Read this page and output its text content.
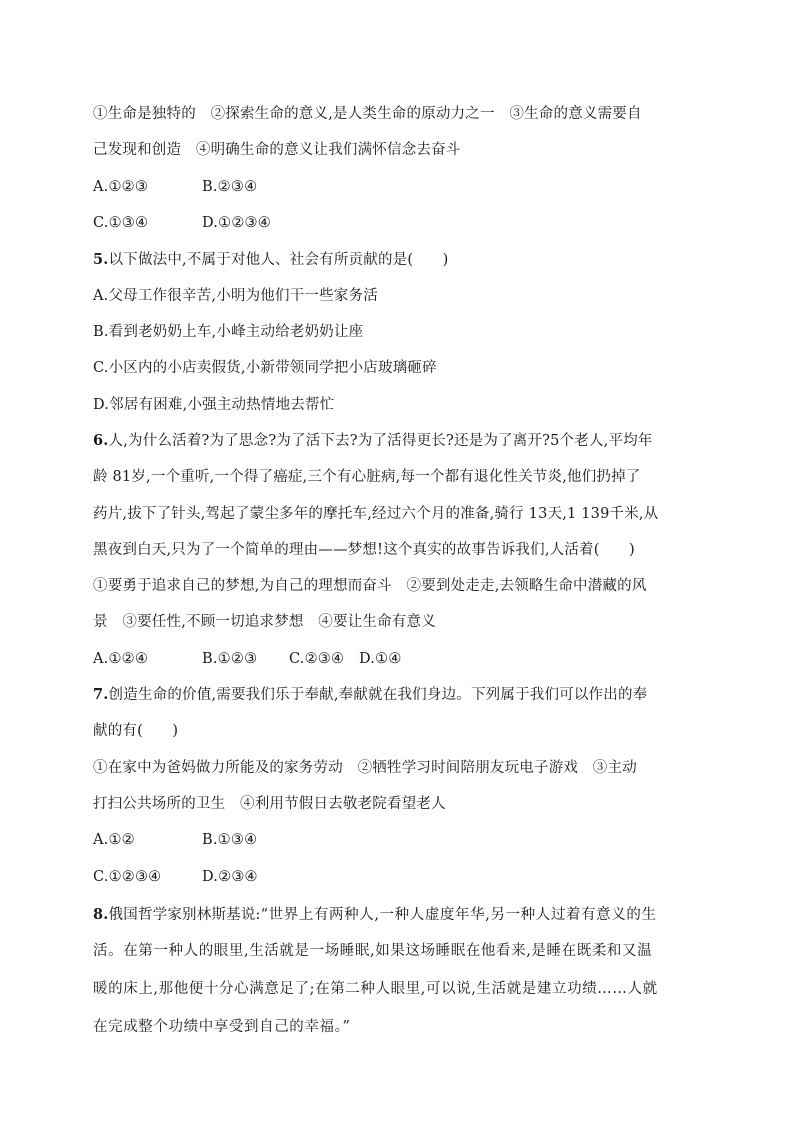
①生命是独特的　②探索生命的意义,是人类生命的原动力之一　③生命的意义需要自
己发现和创造　④明确生命的意义让我们满怀信念去奋斗
A.①②③	B.②③④
C.①③④	D.①②③④
5.以下做法中,不属于对他人、社会有所贡献的是(　　)
A.父母工作很辛苦,小明为他们干一些家务活
B.看到老奶奶上车,小峰主动给老奶奶让座
C.小区内的小店卖假货,小新带领同学把小店玻璃砸碎
D.邻居有困难,小强主动热情地去帮忙
6.人,为什么活着?为了思念?为了活下去?为了活得更长?还是为了离开?5个老人,平均年
龄 81岁,一个重听,一个得了癌症,三个有心脏病,每一个都有退化性关节炎,他们扔掉了
药片,拔下了针头,驾起了蒙尘多年的摩托车,经过六个月的准备,骑行 13天,1 139千米,从
黑夜到白天,只为了一个简单的理由——梦想!这个真实的故事告诉我们,人活着(　　)
①要勇于追求自己的梦想,为自己的理想而奋斗　②要到处走走,去领略生命中潜藏的风
景　③要任性,不顾一切追求梦想　④要让生命有意义
A.①②④	B.①②③ C.②③④ D.①④
7.创造生命的价值,需要我们乐于奉献,奉献就在我们身边。下列属于我们可以作出的奉
献的有(　　)
①在家中为爸妈做力所能及的家务劳动　②牺牲学习时间陪朋友玩电子游戏　③主动
打扫公共场所的卫生　④利用节假日去敬老院看望老人
A.①②	B.①③④
C.①②③④	D.②③④
8.俄国哲学家别林斯基说:“世界上有两种人,一种人虚度年华,另一种人过着有意义的生
活。在第一种人的眼里,生活就是一场睡眠,如果这场睡眠在他看来,是睡在既柔和又温
暖的床上,那他便十分心满意足了;在第二种人眼里,可以说,生活就是建立功绩……人就
在完成整个功绩中享受到自己的幸福。”
